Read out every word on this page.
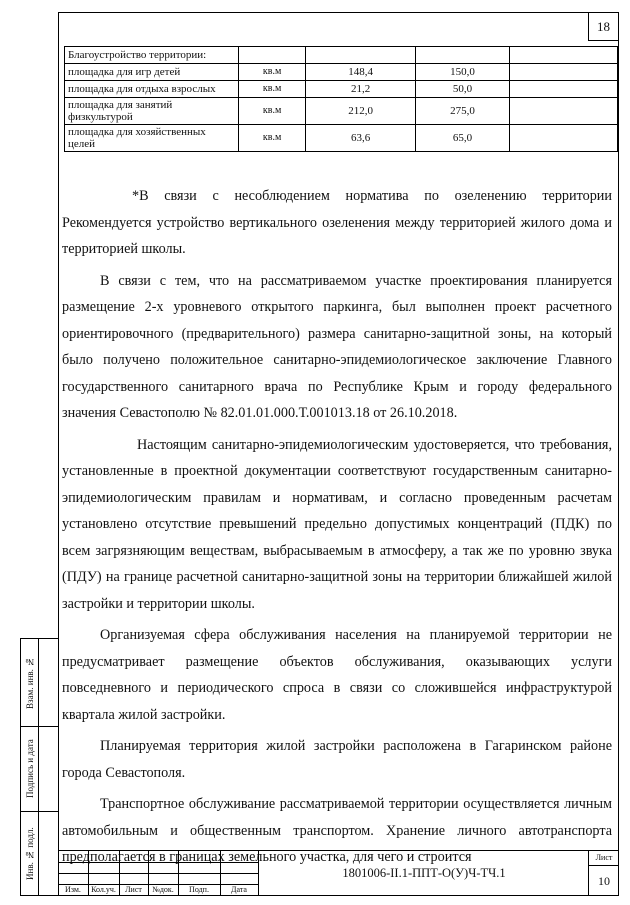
18
Благоустройство территории:				
площадка для игр детей	кв.м	148,4	150,0	
площадка для отдыха взрослых	кв.м	21,2	50,0	
площадка для занятий физкультурой	кв.м	212,0	275,0	
площадка для хозяйственных целей	кв.м	63,6	65,0	

*В связи с несоблюдением норматива по озеленению территории Рекомендуется устройство вертикального озеленения между территорией жилого дома и территорией школы.

В связи с тем, что на рассматриваемом участке проектирования планируется размещение 2-х уровневого открытого паркинга, был выполнен проект расчетного ориентировочного (предварительного) размера санитарно-защитной зоны, на который было получено положительное санитарно-эпидемиологическое заключение Главного государственного санитарного врача по Республике Крым и городу федерального значения Севастополю № 82.01.01.000.Т.001013.18 от 26.10.2018.

Настоящим санитарно-эпидемиологическим удостоверяется, что требования, установленные в проектной документации соответствуют государственным санитарно-эпидемиологическим правилам и нормативам, и согласно проведенным расчетам установлено отсутствие превышений предельно допустимых концентраций (ПДК) по всем загрязняющим веществам, выбрасываемым в атмосферу, а так же по уровню звука (ПДУ) на границе расчетной санитарно-защитной зоны на территории ближайшей жилой застройки и территории школы.

Организуемая сфера обслуживания населения на планируемой территории не предусматривает размещение объектов обслуживания, оказывающих услуги повседневного и периодического спроса в связи со сложившейся инфраструктурой квартала жилой застройки.

Планируемая территория жилой застройки расположена в Гагаринском районе города Севастополя.

Транспортное обслуживание рассматриваемой территории осуществляется личным автомобильным и общественным транспортом. Хранение личного автотранспорта предполагается в границах земельного участка, для чего и строится

Взам. инв. №
Подпись и дата
Инв. № подл.
Изм.	Кол.уч.	Лист	№док.	Подп.	Дата
1801006-II.1-ППТ-О(У)Ч-ТЧ.1
Лист
10
